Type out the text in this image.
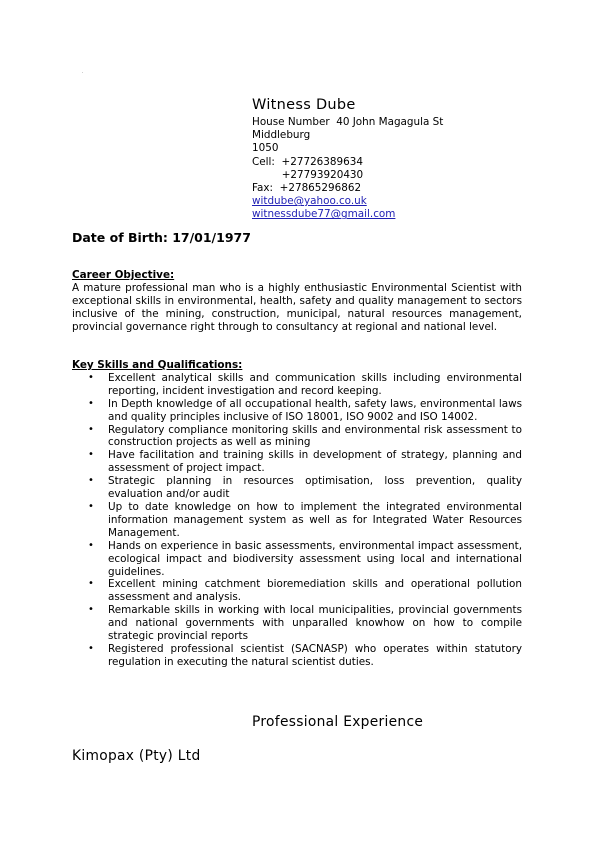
Witness Dube
House Number  40 John Magagula St
Middleburg
1050
Cell:  +27726389634
+27793920430
Fax:  +27865296862
witdube@yahoo.co.uk
witnessdube77@gmail.com
Date of Birth: 17/01/1977
Career Objective:
A mature professional man who is a highly enthusiastic Environmental Scientist with exceptional skills in environmental, health, safety and quality management to sectors inclusive of the mining, construction, municipal, natural resources management, provincial governance right through to consultancy at regional and national level.
Key Skills and Qualifications:
• Excellent analytical skills and communication skills including environmental reporting, incident investigation and record keeping.
• In Depth knowledge of all occupational health, safety laws, environmental laws and quality principles inclusive of ISO 18001, ISO 9002 and ISO 14002.
• Regulatory compliance monitoring skills and environmental risk assessment to construction projects as well as mining
• Have facilitation and training skills in development of strategy, planning and assessment of project impact.
• Strategic planning in resources optimisation, loss prevention, quality evaluation and/or audit
• Up to date knowledge on how to implement the integrated environmental information management system as well as for Integrated Water Resources Management.
• Hands on experience in basic assessments, environmental impact assessment, ecological impact and biodiversity assessment using local and international guidelines.
• Excellent mining catchment bioremediation skills and operational pollution assessment and analysis.
• Remarkable skills in working with local municipalities, provincial governments and national governments with unparalled knowhow on how to compile strategic provincial reports
• Registered professional scientist (SACNASP) who operates within statutory regulation in executing the natural scientist duties.
Professional Experience
Kimopax (Pty) Ltd
